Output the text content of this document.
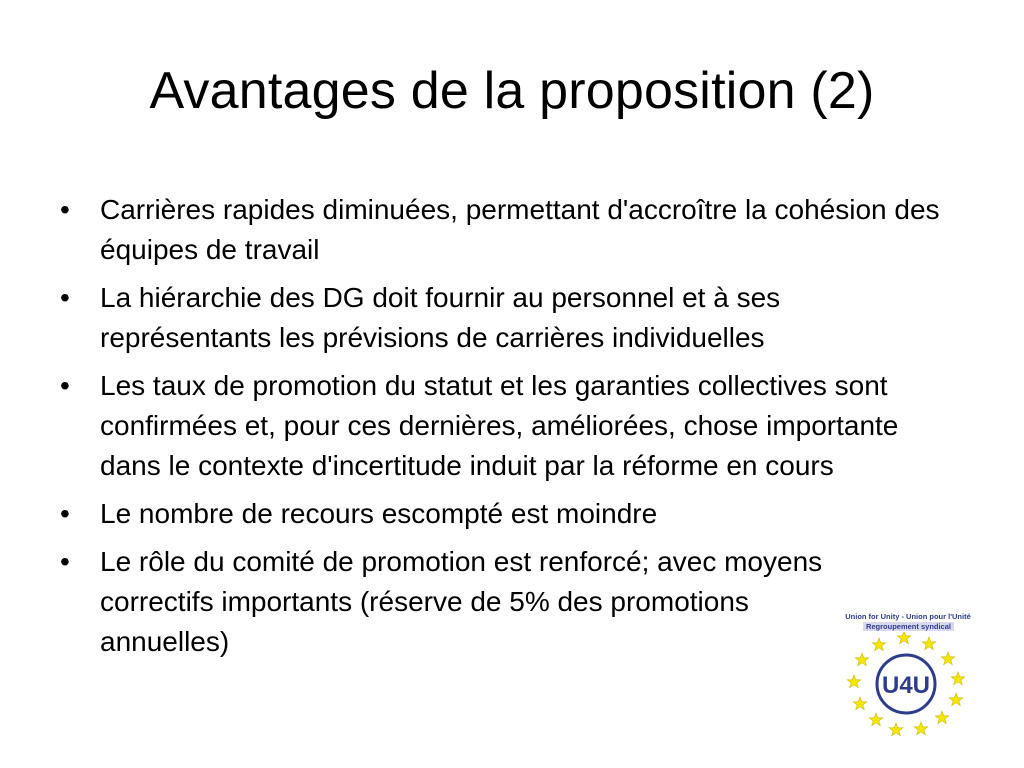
Avantages de la proposition (2)
• Carrières rapides diminuées, permettant d'accroître la cohésion des équipes de travail
• La hiérarchie des DG doit fournir au personnel et à ses représentants les prévisions de carrières individuelles
• Les taux de promotion du statut et les garanties collectives sont confirmées et, pour ces dernières, améliorées, chose importante dans le contexte d'incertitude induit par la réforme en cours
• Le nombre de recours escompté est moindre
• Le rôle du comité de promotion est renforcé; avec moyens correctifs importants (réserve de 5% des promotions annuelles)
Union for Unity - Union pour l'Unité
Regroupement syndical
U4U
